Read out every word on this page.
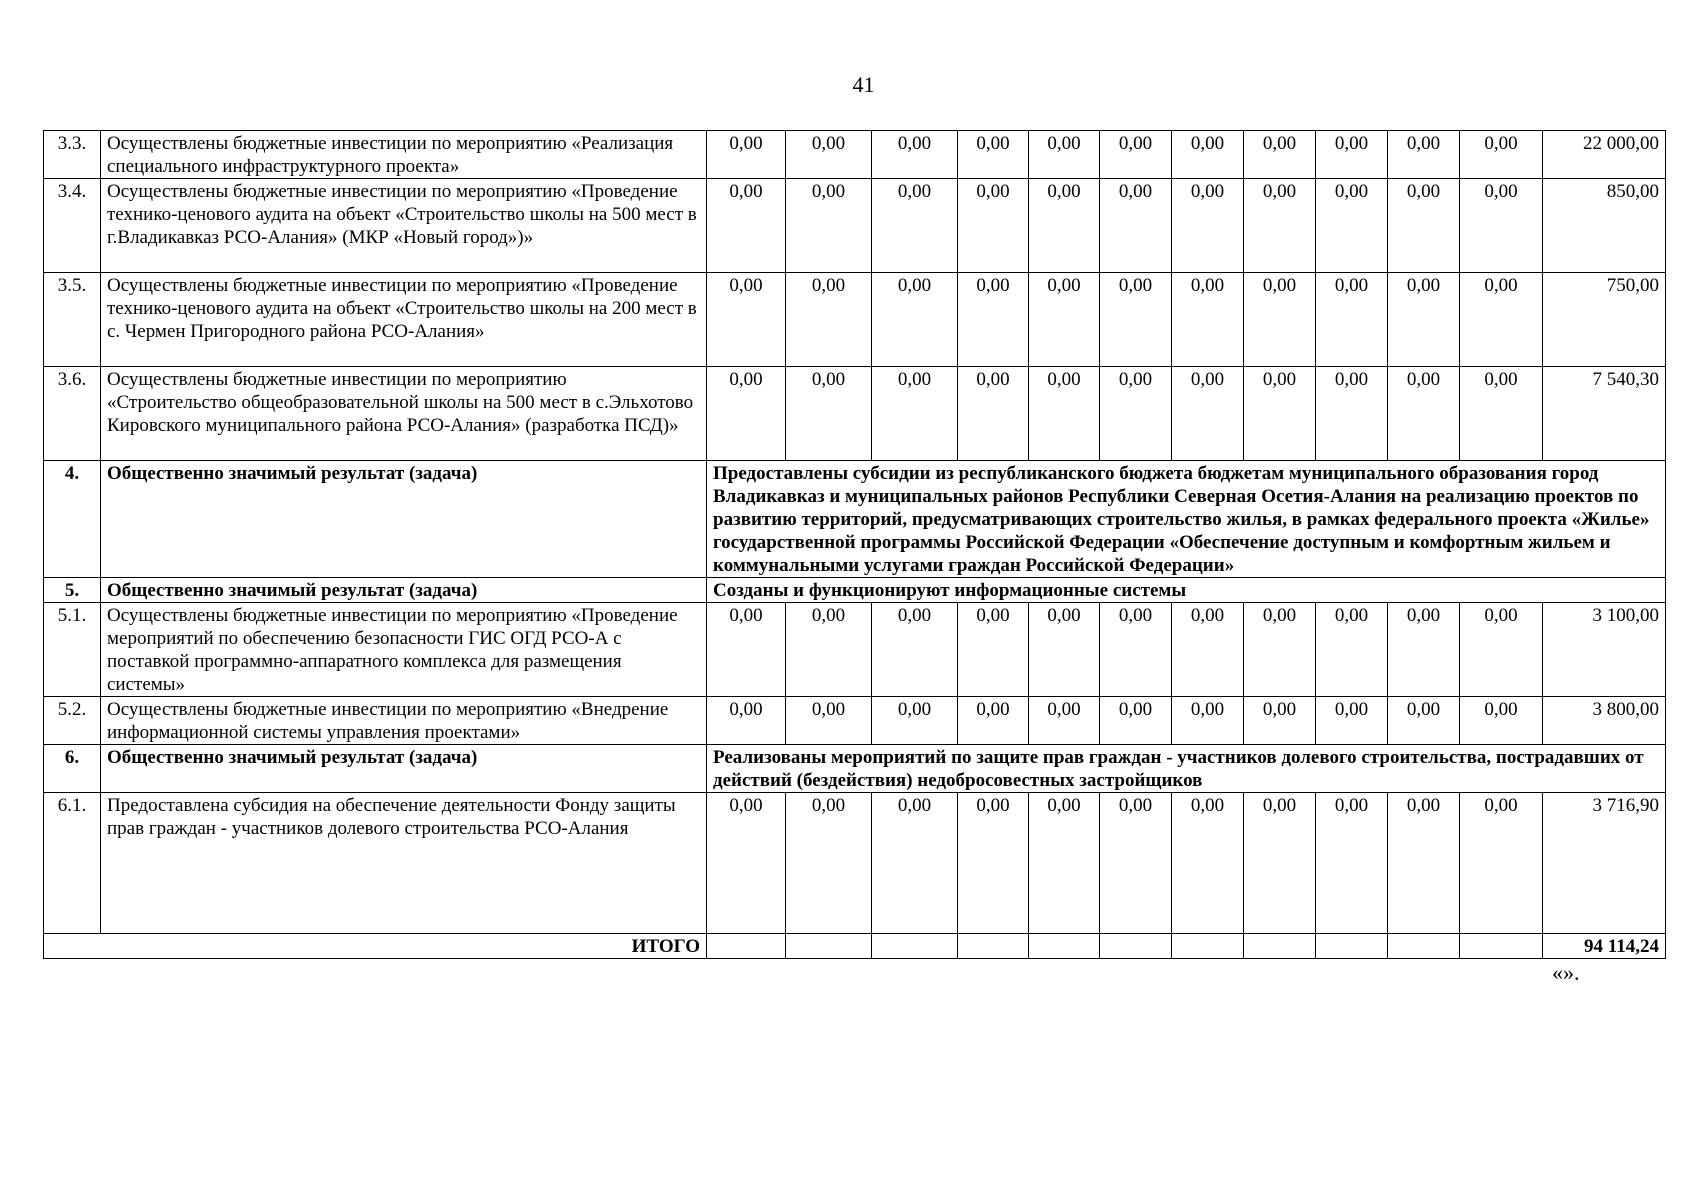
41
3.3.	Осуществлены бюджетные инвестиции по мероприятию «Реализация специального инфраструктурного проекта»	0,00	0,00	0,00	0,00	0,00	0,00	0,00	0,00	0,00	0,00	0,00	22 000,00
3.4.	Осуществлены бюджетные инвестиции по мероприятию «Проведение технико-ценового аудита на объект «Строительство школы на 500 мест в г.Владикавказ РСО-Алания» (МКР «Новый город»)»	0,00	0,00	0,00	0,00	0,00	0,00	0,00	0,00	0,00	0,00	0,00	850,00
3.5.	Осуществлены бюджетные инвестиции по мероприятию «Проведение технико-ценового аудита на объект «Строительство школы на 200 мест в с. Чермен Пригородного района РСО-Алания»	0,00	0,00	0,00	0,00	0,00	0,00	0,00	0,00	0,00	0,00	0,00	750,00
3.6.	Осуществлены бюджетные инвестиции по мероприятию «Строительство общеобразовательной школы на 500 мест в с.Эльхотово Кировского муниципального района РСО-Алания» (разработка ПСД)»	0,00	0,00	0,00	0,00	0,00	0,00	0,00	0,00	0,00	0,00	0,00	7 540,30
4.	Общественно значимый результат (задача)	Предоставлены субсидии из республиканского бюджета бюджетам муниципального образования город Владикавказ и муниципальных районов Республики Северная Осетия-Алания на реализацию проектов по развитию территорий, предусматривающих строительство жилья, в рамках федерального проекта «Жилье» государственной программы Российской Федерации «Обеспечение доступным и комфортным жильем и коммунальными услугами граждан Российской Федерации»											
5.	Общественно значимый результат (задача)	Созданы и функционируют информационные системы											
5.1.	Осуществлены бюджетные инвестиции по мероприятию «Проведение мероприятий по обеспечению безопасности ГИС ОГД РСО-А с поставкой программно-аппаратного комплекса для размещения системы»	0,00	0,00	0,00	0,00	0,00	0,00	0,00	0,00	0,00	0,00	0,00	3 100,00
5.2.	Осуществлены бюджетные инвестиции по мероприятию «Внедрение информационной системы управления проектами»	0,00	0,00	0,00	0,00	0,00	0,00	0,00	0,00	0,00	0,00	0,00	3 800,00
6.	Общественно значимый результат (задача)	Реализованы мероприятий по защите прав граждан - участников долевого строительства, пострадавших от действий (бездействия) недобросовестных застройщиков											
6.1.	Предоставлена субсидия на обеспечение деятельности Фонду защиты прав граждан - участников долевого строительства РСО-Алания	0,00	0,00	0,00	0,00	0,00	0,00	0,00	0,00	0,00	0,00	0,00	3 716,90
ИТОГО													94 114,24
«».
